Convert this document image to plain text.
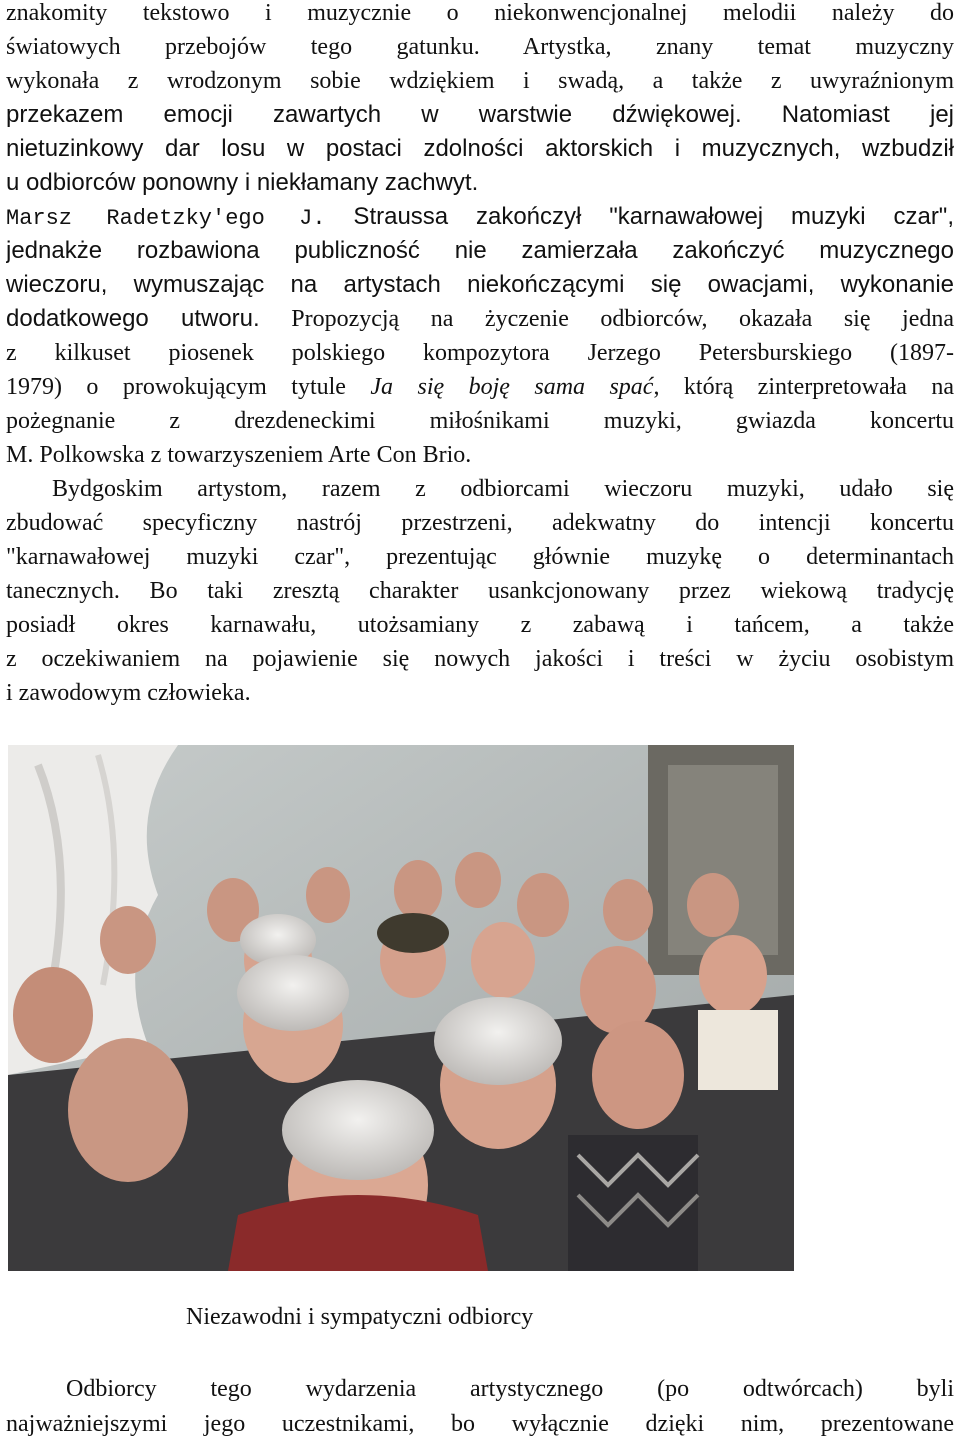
znakomity tekstowo i muzycznie o niekonwencjonalnej melodii należy do
światowych przebojów tego gatunku. Artystka, znany temat muzyczny
wykonała z wrodzonym sobie wdziękiem i swadą, a także z uwyraźnionym
przekazem emocji zawartych w warstwie dźwiękowej. Natomiast jej
nietuzinkowy dar losu w postaci zdolności aktorskich i muzycznych, wzbudził
u odbiorców ponowny i niekłamany zachwyt.
Marsz Radetzky'ego J. Straussa zakończył "karnawałowej muzyki czar",
jednakże rozbawiona publiczność nie zamierzała zakończyć muzycznego
wieczoru, wymuszając na artystach niekończącymi się owacjami, wykonanie
dodatkowego utworu. Propozycją na życzenie odbiorców, okazała się jedna
z kilkuset piosenek polskiego kompozytora Jerzego Petersburskiego (1897-
1979) o prowokującym tytule Ja się boję sama spać, którą zinterpretowała na
pożegnanie z drezdeneckimi miłośnikami muzyki, gwiazda koncertu
M. Polkowska z towarzyszeniem Arte Con Brio.
Bydgoskim artystom, razem z odbiorcami wieczoru muzyki, udało się
zbudować specyficzny nastrój przestrzeni, adekwatny do intencji koncertu
"karnawałowej muzyki czar", prezentując głównie muzykę o determinantach
tanecznych. Bo taki zresztą charakter usankcjonowany przez wiekową tradycję
posiadł okres karnawału, utożsamiany z zabawą i tańcem, a także
z oczekiwaniem na pojawienie się nowych jakości i treści w życiu osobistym
i zawodowym człowieka.
Niezawodni i sympatyczni odbiorcy
Odbiorcy tego wydarzenia artystycznego (po odtwórcach) byli
najważniejszymi jego uczestnikami, bo wyłącznie dzięki nim, prezentowane
